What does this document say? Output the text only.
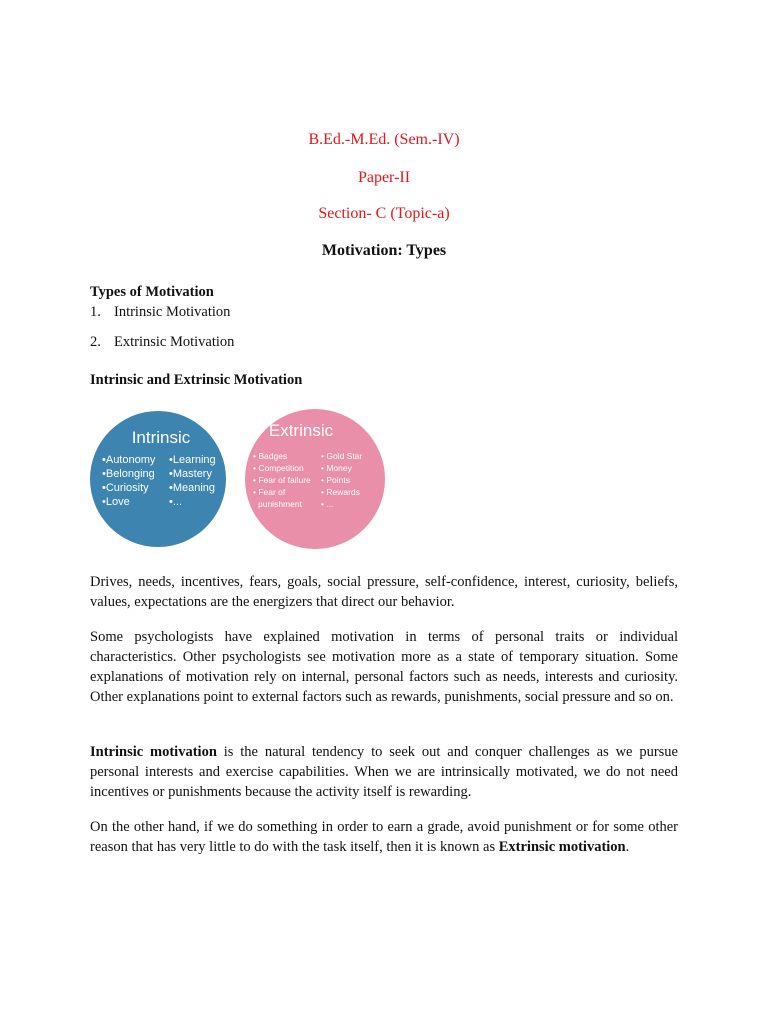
B.Ed.-M.Ed. (Sem.-IV)
Paper-II
Section- C (Topic-a)
Motivation: Types
Types of Motivation
1. Intrinsic Motivation
2. Extrinsic Motivation
Intrinsic and Extrinsic Motivation
Intrinsic
•Autonomy
•Belonging
•Curiosity
•Love
•Learning
•Mastery
•Meaning
•...
Extrinsic
• Badges
• Competition
• Fear of failure
• Fear of
punishment
• Gold Star
• Money
• Points
• Rewards
• ...
Drives, needs, incentives, fears, goals, social pressure, self-confidence, interest, curiosity, beliefs, values, expectations are the energizers that direct our behavior.
Some psychologists have explained motivation in terms of personal traits or individual characteristics. Other psychologists see motivation more as a state of temporary situation. Some explanations of motivation rely on internal, personal factors such as needs, interests and curiosity. Other explanations point to external factors such as rewards, punishments, social pressure and so on.
Intrinsic motivation is the natural tendency to seek out and conquer challenges as we pursue personal interests and exercise capabilities. When we are intrinsically motivated, we do not need incentives or punishments because the activity itself is rewarding.
On the other hand, if we do something in order to earn a grade, avoid punishment or for some other reason that has very little to do with the task itself, then it is known as Extrinsic motivation.
